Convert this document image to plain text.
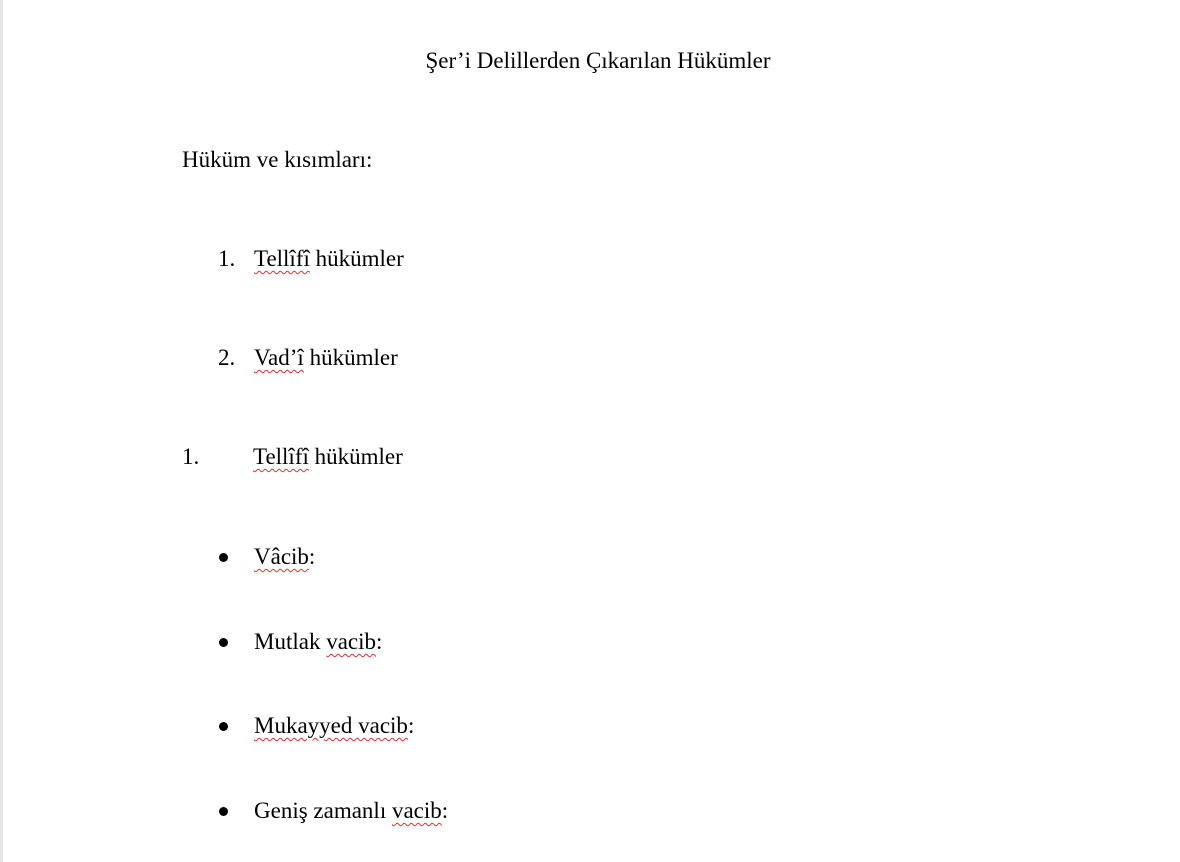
Şer’i Delillerden Çıkarılan Hükümler
Hüküm ve kısımları:
1. Tellîfî hükümler
2. Vad’î hükümler
1. Tellîfî hükümler
Vâcib:
Mutlak vacib:
Mukayyed vacib:
Geniş zamanlı vacib:
